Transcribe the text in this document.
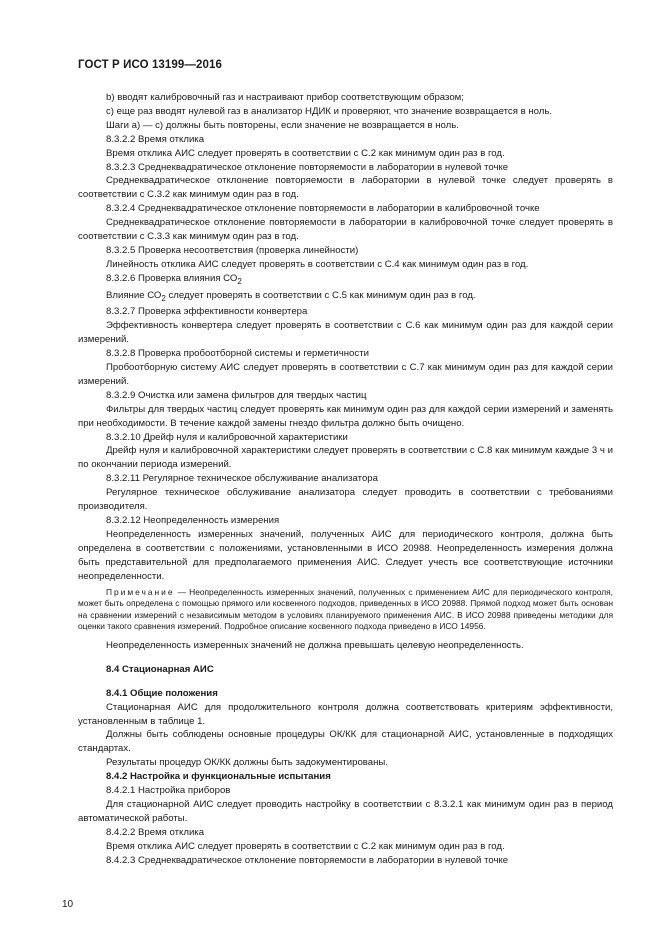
ГОСТ Р ИСО 13199—2016

b) вводят калибровочный газ и настраивают прибор соответствующим образом;

с) еще раз вводят нулевой газ в анализатор НДИК и проверяют, что значение возвращается в ноль.

Шаги а) — с) должны быть повторены, если значение не возвращается в ноль.

8.3.2.2 Время отклика

Время отклика АИС следует проверять в соответствии с С.2 как минимум один раз в год.

8.3.2.3 Среднеквадратическое отклонение повторяемости в лаборатории в нулевой точке

Среднеквадратическое отклонение повторяемости в лаборатории в нулевой точке следует проверять в соответствии с С.3.2 как минимум один раз в год.

8.3.2.4 Среднеквадратическое отклонение повторяемости в лаборатории в калибровочной точке

Среднеквадратическое отклонение повторяемости в лаборатории в калибровочной точке следует проверять в соответствии с С.3.3 как минимум один раз в год.

8.3.2.5 Проверка несоответствия (проверка линейности)

Линейность отклика АИС следует проверять в соответствии с С.4 как минимум один раз в год.

8.3.2.6 Проверка влияния $СО_2$

Влияние $СО_2$ следует проверять в соответствии с С.5 как минимум один раз в год.

8.3.2.7 Проверка эффективности конвертера

Эффективность конвертера следует проверять в соответствии с С.6 как минимум один раз для каждой серии измерений.

8.3.2.8 Проверка пробоотборной системы и герметичности

Пробоотборную систему АИС следует проверять в соответствии с С.7 как минимум один раз для каждой серии измерений.

8.3.2.9 Очистка или замена фильтров для твердых частиц

Фильтры для твердых частиц следует проверять как минимум один раз для каждой серии измерений и заменять при необходимости. В течение каждой замены гнездо фильтра должно быть очищено.

8.3.2.10 Дрейф нуля и калибровочной характеристики

Дрейф нуля и калибровочной характеристики следует проверять в соответствии с С.8 как минимум каждые 3 ч и по окончании периода измерений.

8.3.2.11 Регулярное техническое обслуживание анализатора

Регулярное техническое обслуживание анализатора следует проводить в соответствии с требованиями производителя.

8.3.2.12 Неопределенность измерения

Неопределенность измеренных значений, полученных АИС для периодического контроля, должна быть определена в соответствии с положениями, установленными в ИСО 20988. Неопределенность измерения должна быть представительной для предполагаемого применения АИС. Следует учесть все соответствующие источники неопределенности.

Примечание — Неопределенность измеренных значений, полученных с применением АИС для периодического контроля, может быть определена с помощью прямого или косвенного подходов, приведенных в ИСО 20988. Прямой подход может быть основан на сравнении измерений с независимым методом в условиях планируемого применения АИС. В ИСО 20988 приведены методики для оценки такого сравнения измерений. Подробное описание косвенного подхода приведено в ИСО 14956.

Неопределенность измеренных значений не должна превышать целевую неопределенность.

8.4 Стационарная АИС

8.4.1 Общие положения

Стационарная АИС для продолжительного контроля должна соответствовать критериям эффективности, установленным в таблице 1.

Должны быть соблюдены основные процедуры ОК/КК для стационарной АИС, установленные в подходящих стандартах.

Результаты процедур ОК/КК должны быть задокументированы.

8.4.2 Настройка и функциональные испытания

8.4.2.1 Настройка приборов

Для стационарной АИС следует проводить настройку в соответствии с 8.3.2.1 как минимум один раз в период автоматической работы.

8.4.2.2 Время отклика

Время отклика АИС следует проверять в соответствии с С.2 как минимум один раз в год.

8.4.2.3 Среднеквадратическое отклонение повторяемости в лаборатории в нулевой точке

10
